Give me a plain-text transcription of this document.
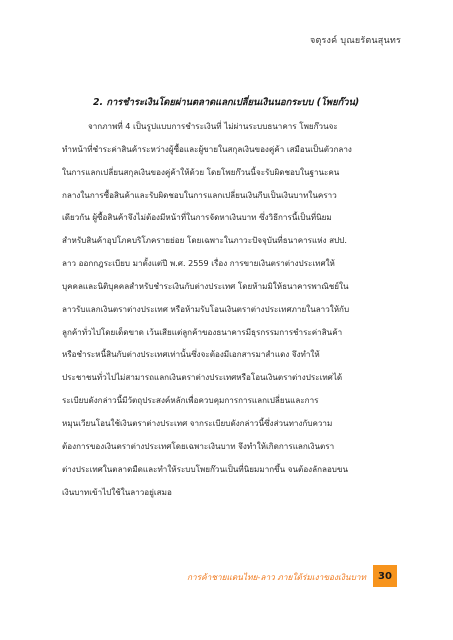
จตุรงค์ บุณยรัตนสุนทร
2. การชำระเงินโดยผ่านตลาดแลกเปลี่ยนเงินนอกระบบ (โพยก๊วน)
จากภาพที่ 4 เป็นรูปแบบการชำระเงินที่ ไม่ผ่านระบบธนาคาร โพยก๊วนจะ
ทำหน้าที่ชำระค่าสินค้าระหว่างผู้ซื้อและผู้ขายในสกุลเงินของคู่ค้า เสมือนเป็นตัวกลาง
ในการแลกเปลี่ยนสกุลเงินของคู่ค้าให้ด้วย โดยโพยก๊วนนี้จะรับผิดชอบในฐานะคน
กลางในการซื้อสินค้าและรับผิดชอบในการแลกเปลี่ยนเงินกีบเป็นเงินบาทในคราว
เดียวกัน ผู้ซื้อสินค้าจึงไม่ต้องมีหน้าที่ในการจัดหาเงินบาท ซึ่งวิธีการนี้เป็นที่นิยม
สำหรับสินค้าอุปโภคบริโภครายย่อย โดยเฉพาะในภาวะปัจจุบันที่ธนาคารแห่ง สปป.
ลาว ออกกฎระเบียบ มาตั้งแต่ปี พ.ศ. 2559 เรื่อง การขายเงินตราต่างประเทศให้
บุคคลและนิติบุคคลสำหรับชำระเงินกับต่างประเทศ โดยห้ามมิให้ธนาคารพาณิชย์ใน
ลาวรับแลกเงินตราต่างประเทศ หรือห้ามรับโอนเงินตราต่างประเทศภายในลาวให้กับ
ลูกค้าทั่วไปโดยเด็ดขาด เว้นเสียแต่ลูกค้าของธนาคารมีธุรกรรมการชำระค่าสินค้า
หรือชำระหนี้สินกับต่างประเทศเท่านั้นซึ่งจะต้องมีเอกสารมาสำแดง จึงทำให้
ประชาชนทั่วไปไม่สามารถแลกเงินตราต่างประเทศหรือโอนเงินตราต่างประเทศได้
ระเบียบดังกล่าวนี้มีวัตถุประสงค์หลักเพื่อควบคุมการการแลกเปลี่ยนและการ
หมุนเวียนโอนใช้เงินตราต่างประเทศ จากระเบียบดังกล่าวนี้ซึ่งส่วนทางกับความ
ต้องการของเงินตราต่างประเทศโดยเฉพาะเงินบาท จึงทำให้เกิดการแลกเงินตรา
ต่างประเทศในตลาดมืดและทำให้ระบบโพยก๊วนเป็นที่นิยมมากขึ้น จนต้องลักลอบขน
เงินบาทเข้าไปใช้ในลาวอยู่เสมอ
การค้าชายแดนไทย-ลาว ภายใต้ร่มเงาของเงินบาท	30
